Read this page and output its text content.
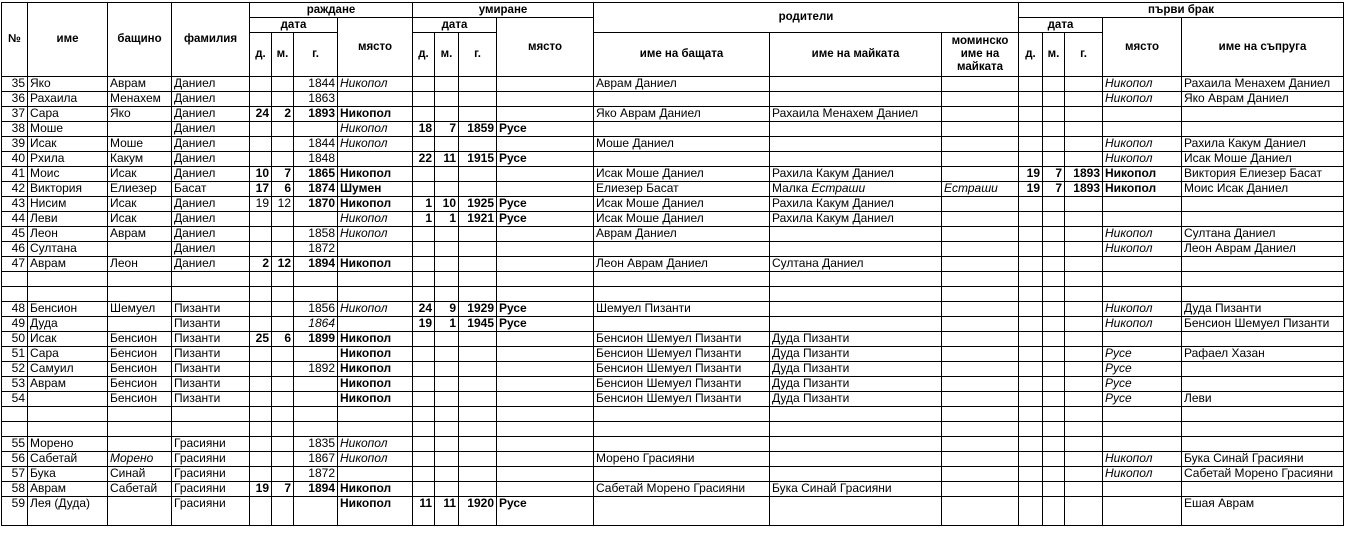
№	име	бащино	фамилия	раждане				умиране				родители			първи брак				
				дата			място	дата			място				дата			място	име на съпруга
				д.	м.	г.		д.	м.	г.		име на бащата	име на майката	моминско име на майката	д.	м.	г.		
35	Яко	Аврам	Даниел			1844	Никопол					Аврам Даниел						Никопол	Рахаила Менахем Даниел
36	Рахаила	Менахем	Даниел			1863												Никопол	Яко Аврам Даниел
37	Сара	Яко	Даниел	24	2	1893	Никопол					Яко Аврам Даниел	Рахаила Менахем Даниел						
38	Моше		Даниел				Никопол	18	7	1859	Русе								
39	Исак	Моше	Даниел			1844	Никопол					Моше Даниел						Никопол	Рахила Какум Даниел
40	Рхила	Какум	Даниел			1848		22	11	1915	Русе							Никопол	Исак Моше Даниел
41	Моис	Исак	Даниел	10	7	1865	Никопол					Исак Моше Даниел	Рахила Какум Даниел		19	7	1893	Никопол	Виктория Елиезер Басат
42	Виктория	Елиезер	Басат	17	6	1874	Шумен					Елиезер Басат	Малка Естраши	Естраши	19	7	1893	Никопол	Моис Исак Даниел
43	Нисим	Исак	Даниел	19	12	1870	Никопол	1	10	1925	Русе	Исак Моше Даниел	Рахила Какум Даниел						
44	Леви	Исак	Даниел				Никопол	1	1	1921	Русе	Исак Моше Даниел	Рахила Какум Даниел						
45	Леон	Аврам	Даниел			1858	Никопол					Аврам Даниел						Никопол	Султана Даниел
46	Султана		Даниел			1872												Никопол	Леон Аврам Даниел
47	Аврам	Леон	Даниел	2	12	1894	Никопол					Леон Аврам Даниел	Султана Даниел						

48	Бенсион	Шемуел	Пизанти			1856	Никопол	24	9	1929	Русе	Шемуел Пизанти						Никопол	Дуда Пизанти
49	Дуда		Пизанти			1864		19	1	1945	Русе							Никопол	Бенсион Шемуел Пизанти
50	Исак	Бенсион	Пизанти	25	6	1899	Никопол					Бенсион Шемуел Пизанти	Дуда Пизанти						
51	Сара	Бенсион	Пизанти				Никопол					Бенсион Шемуел Пизанти	Дуда Пизанти					Русе	Рафаел Хазан
52	Самуил	Бенсион	Пизанти			1892	Никопол					Бенсион Шемуел Пизанти	Дуда Пизанти					Русе	
53	Аврам	Бенсион	Пизанти				Никопол					Бенсион Шемуел Пизанти	Дуда Пизанти					Русе	
54		Бенсион	Пизанти				Никопол					Бенсион Шемуел Пизанти	Дуда Пизанти					Русе	Леви

55	Морено		Грасияни			1835	Никопол												
56	Сабетай	Морено	Грасияни			1867	Никопол					Морено Грасияни						Никопол	Бука Синай Грасияни
57	Бука	Синай	Грасияни			1872												Никопол	Сабетай Морено Грасияни
58	Аврам	Сабетай	Грасияни	19	7	1894	Никопол					Сабетай Морено Грасияни	Бука Синай Грасияни						
59	Лея (Дуда)		Грасияни				Никопол	11	11	1920	Русе								Ешая Аврам
